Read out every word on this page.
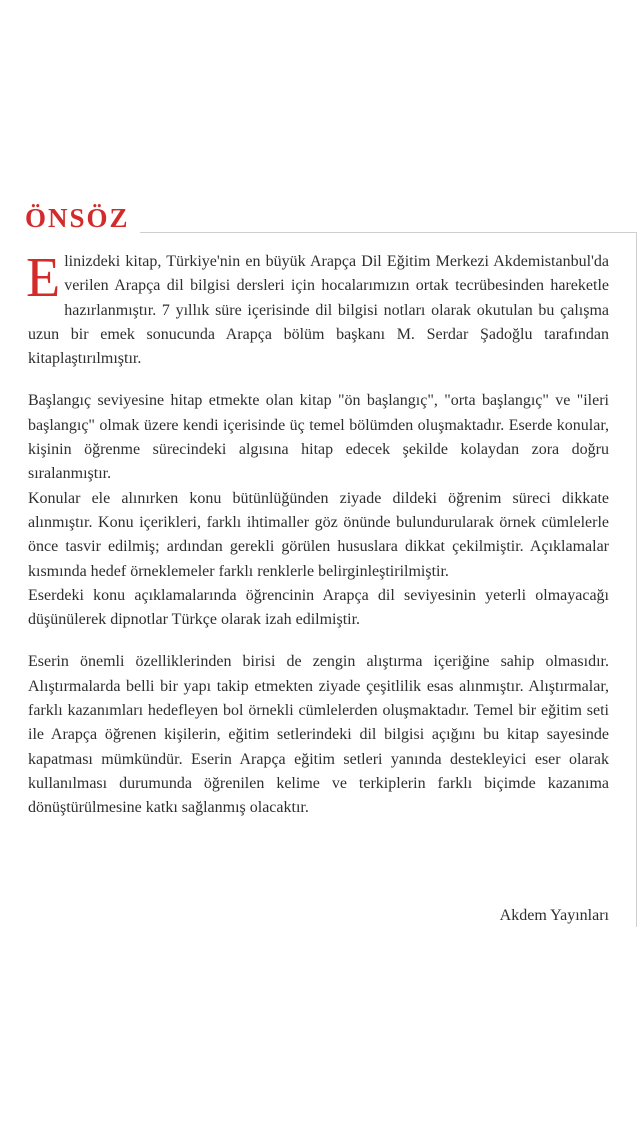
ÖNSÖZ

Elinizdeki kitap, Türkiye'nin en büyük Arapça Dil Eğitim Merkezi Akdemistanbul'da verilen Arapça dil bilgisi dersleri için hocalarımızın ortak tecrübesinden hareketle hazırlanmıştır. 7 yıllık süre içerisinde dil bilgisi notları olarak okutulan bu çalışma uzun bir emek sonucunda Arapça bölüm başkanı M. Serdar Şadoğlu tarafından kitaplaştırılmıştır.

Başlangıç seviyesine hitap etmekte olan kitap "ön başlangıç", "orta başlangıç" ve "ileri başlangıç" olmak üzere kendi içerisinde üç temel bölümden oluşmaktadır. Eserde konular, kişinin öğrenme sürecindeki algısına hitap edecek şekilde kolaydan zora doğru sıralanmıştır.

Konular ele alınırken konu bütünlüğünden ziyade dildeki öğrenim süreci dikkate alınmıştır. Konu içerikleri, farklı ihtimaller göz önünde bulundurularak örnek cümlelerle önce tasvir edilmiş; ardından gerekli görülen hususlara dikkat çekilmiştir. Açıklamalar kısmında hedef örneklemeler farklı renklerle belirginleştirilmiştir.

Eserdeki konu açıklamalarında öğrencinin Arapça dil seviyesinin yeterli olmayacağı düşünülerek dipnotlar Türkçe olarak izah edilmiştir.

Eserin önemli özelliklerinden birisi de zengin alıştırma içeriğine sahip olmasıdır. Alıştırmalarda belli bir yapı takip etmekten ziyade çeşitlilik esas alınmıştır. Alıştırmalar, farklı kazanımları hedefleyen bol örnekli cümlelerden oluşmaktadır. Temel bir eğitim seti ile Arapça öğrenen kişilerin, eğitim setlerindeki dil bilgisi açığını bu kitap sayesinde kapatması mümkündür. Eserin Arapça eğitim setleri yanında destekleyici eser olarak kullanılması durumunda öğrenilen kelime ve terkiplerin farklı biçimde kazanıma dönüştürülmesine katkı sağlanmış olacaktır.

Akdem Yayınları
